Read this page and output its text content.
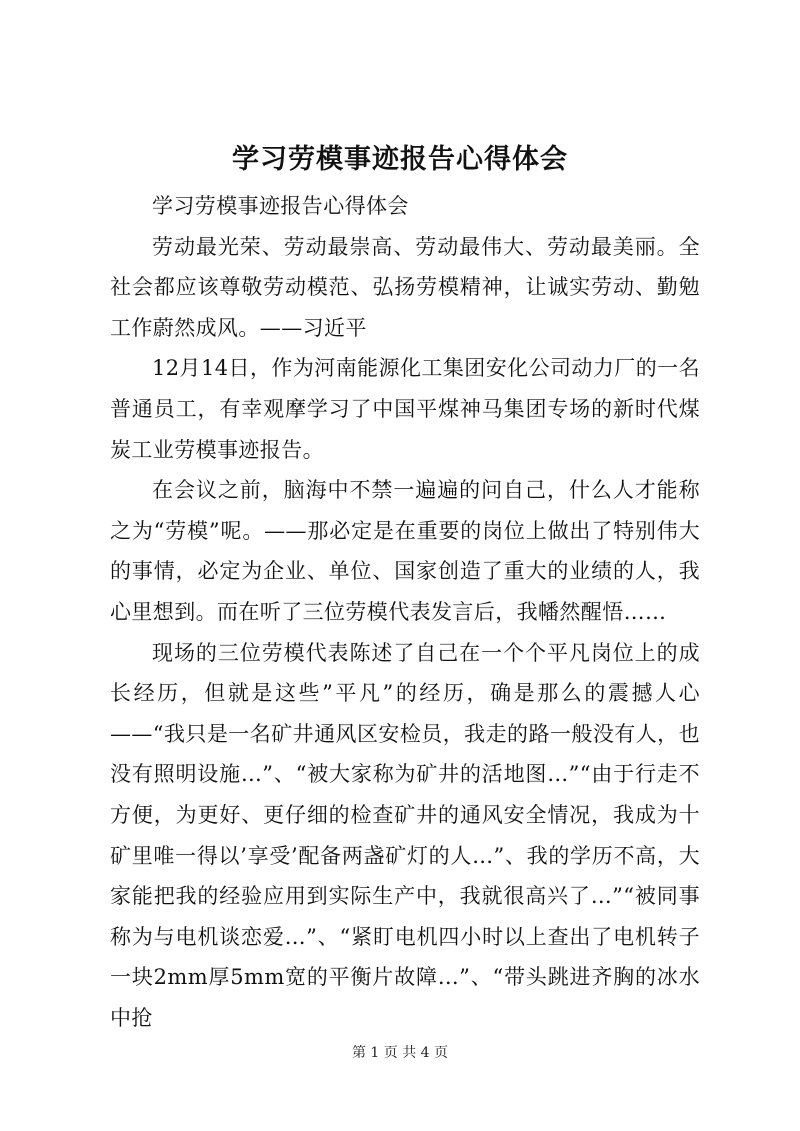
学习劳模事迹报告心得体会

学习劳模事迹报告心得体会

劳动最光荣、劳动最崇高、劳动最伟大、劳动最美丽。全社会都应该尊敬劳动模范、弘扬劳模精神，让诚实劳动、勤勉工作蔚然成风。——习近平

12月14日，作为河南能源化工集团安化公司动力厂的一名普通员工，有幸观摩学习了中国平煤神马集团专场的新时代煤炭工业劳模事迹报告。

在会议之前，脑海中不禁一遍遍的问自己，什么人才能称之为“劳模”呢。——那必定是在重要的岗位上做出了特别伟大的事情，必定为企业、单位、国家创造了重大的业绩的人，我心里想到。而在听了三位劳模代表发言后，我幡然醒悟……

现场的三位劳模代表陈述了自己在一个个平凡岗位上的成长经历，但就是这些”平凡”的经历，确是那么的震撼人心——“我只是一名矿井通风区安检员，我走的路一般没有人，也没有照明设施…”、“被大家称为矿井的活地图…”“由于行走不方便，为更好、更仔细的检查矿井的通风安全情况，我成为十矿里唯一得以’享受’配备两盏矿灯的人…”、我的学历不高，大家能把我的经验应用到实际生产中，我就很高兴了…”“被同事称为与电机谈恋爱…”、“紧盯电机四小时以上查出了电机转子一块2mm厚5mm宽的平衡片故障…”、“带头跳进齐胸的冰水中抢

第 1 页 共 4 页
